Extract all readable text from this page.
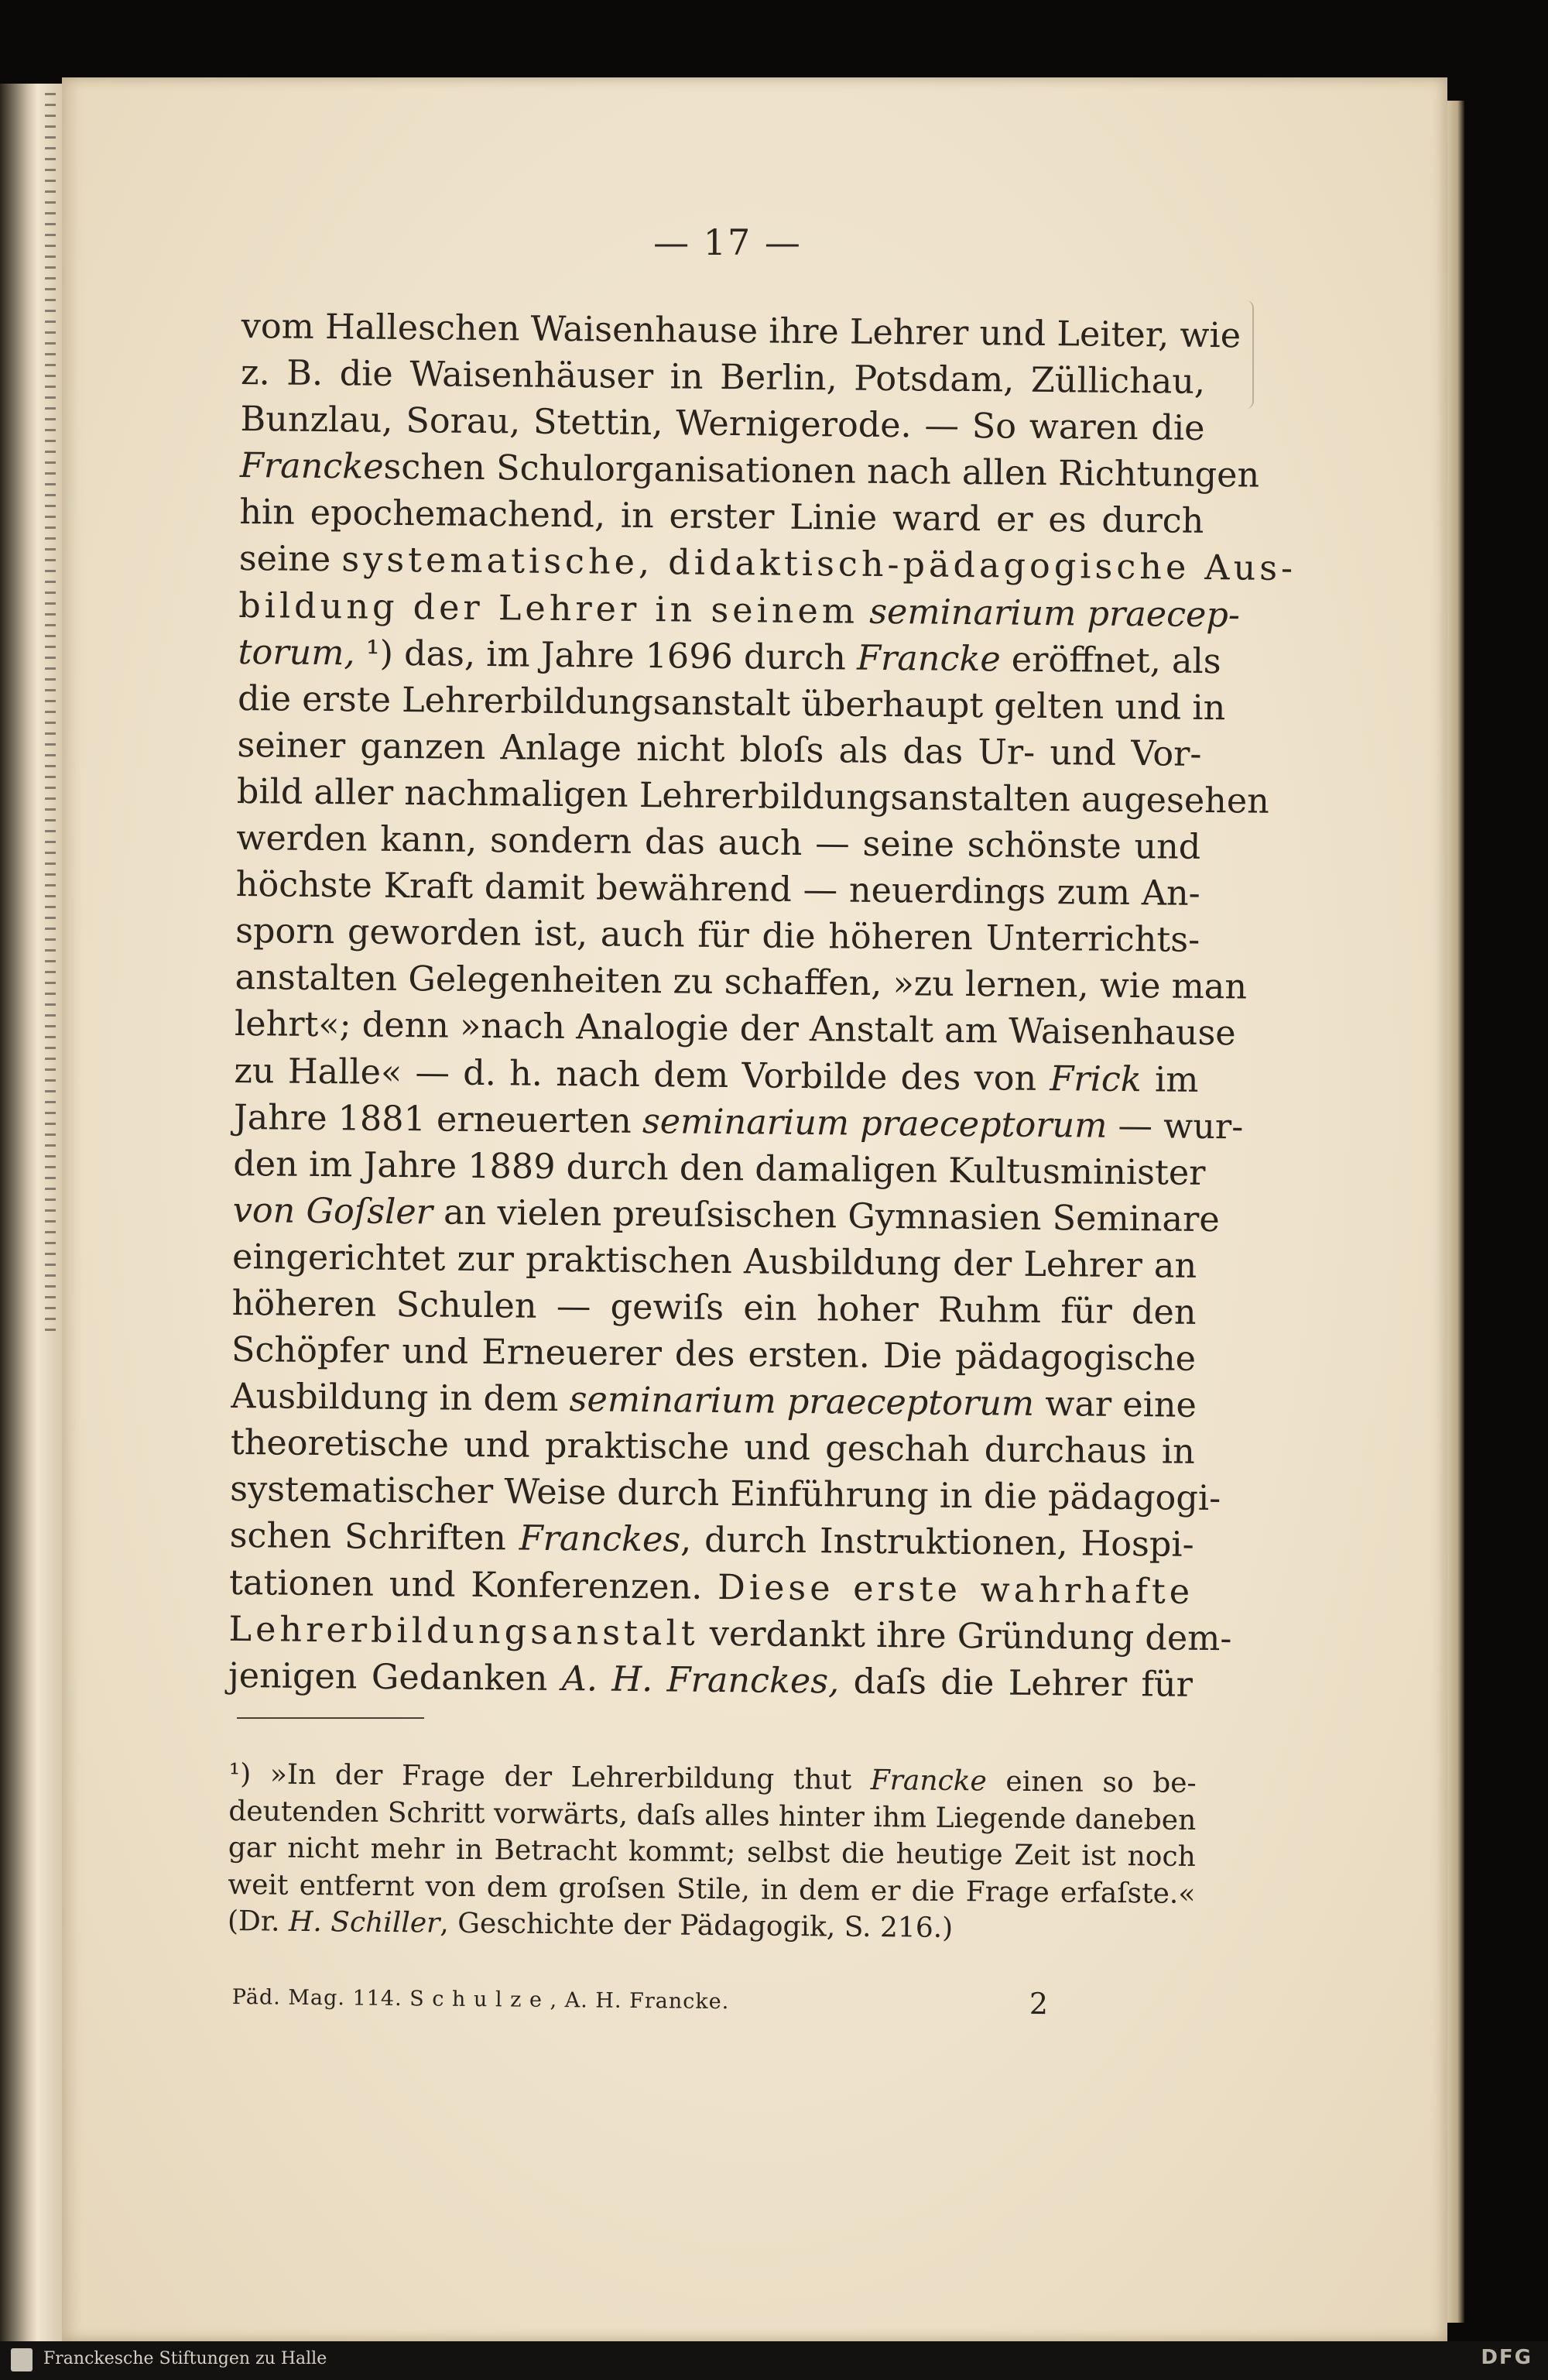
— 17 —
vom Halleschen Waisenhause ihre Lehrer und Leiter, wie
z. B. die Waisenhäuser in Berlin, Potsdam, Züllichau,
Bunzlau, Sorau, Stettin, Wernigerode. — So waren die
Franckeschen Schulorganisationen nach allen Richtungen
hin epochemachend, in erster Linie ward er es durch
seine systematische, didaktisch-pädagogische Aus-
bildung der Lehrer in seinem seminarium praecep-
torum, ¹) das, im Jahre 1696 durch Francke eröffnet, als
die erste Lehrerbildungsanstalt überhaupt gelten und in
seiner ganzen Anlage nicht bloſs als das Ur- und Vor-
bild aller nachmaligen Lehrerbildungsanstalten augesehen
werden kann, sondern das auch — seine schönste und
höchste Kraft damit bewährend — neuerdings zum An-
sporn geworden ist, auch für die höheren Unterrichts-
anstalten Gelegenheiten zu schaffen, »zu lernen, wie man
lehrt«; denn »nach Analogie der Anstalt am Waisenhause
zu Halle« — d. h. nach dem Vorbilde des von Frick im
Jahre 1881 erneuerten seminarium praeceptorum — wur-
den im Jahre 1889 durch den damaligen Kultusminister
von Goſsler an vielen preuſsischen Gymnasien Seminare
eingerichtet zur praktischen Ausbildung der Lehrer an
höheren Schulen — gewiſs ein hoher Ruhm für den
Schöpfer und Erneuerer des ersten. Die pädagogische
Ausbildung in dem seminarium praeceptorum war eine
theoretische und praktische und geschah durchaus in
systematischer Weise durch Einführung in die pädagogi-
schen Schriften Franckes, durch Instruktionen, Hospi-
tationen und Konferenzen. Diese erste wahrhafte
Lehrerbildungsanstalt verdankt ihre Gründung dem-
jenigen Gedanken A. H. Franckes, daſs die Lehrer für
¹) »In der Frage der Lehrerbildung thut Francke einen so be-
deutenden Schritt vorwärts, daſs alles hinter ihm Liegende daneben
gar nicht mehr in Betracht kommt; selbst die heutige Zeit ist noch
weit entfernt von dem groſsen Stile, in dem er die Frage erfaſste.«
(Dr. H. Schiller, Geschichte der Pädagogik, S. 216.)
Päd. Mag. 114. S c h u l z e , A. H. Francke.	2
Franckesche Stiftungen zu Halle	DFG
